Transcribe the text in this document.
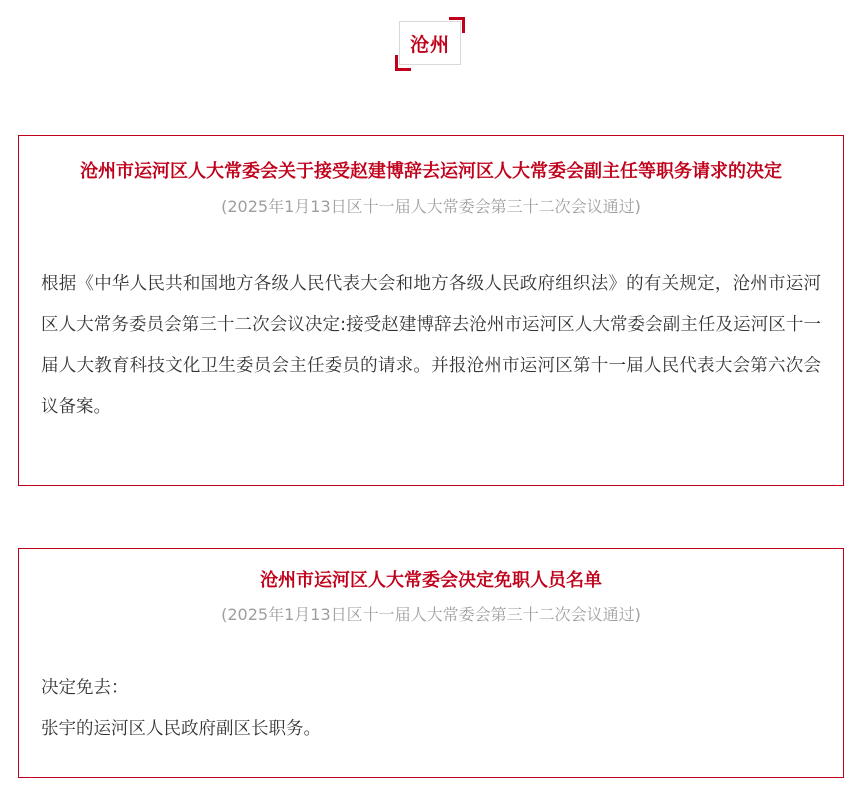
沧州
沧州市运河区人大常委会关于接受赵建博辞去运河区人大常委会副主任等职务请求的决定
(2025年1月13日区十一届人大常委会第三十二次会议通过)

根据《中华人民共和国地方各级人民代表大会和地方各级人民政府组织法》的有关规定，沧州市运河区人大常务委员会第三十二次会议决定:接受赵建博辞去沧州市运河区人大常委会副主任及运河区十一届人大教育科技文化卫生委员会主任委员的请求。并报沧州市运河区第十一届人民代表大会第六次会议备案。

沧州市运河区人大常委会决定免职人员名单
(2025年1月13日区十一届人大常委会第三十二次会议通过)

决定免去：

张宇的运河区人民政府副区长职务。
